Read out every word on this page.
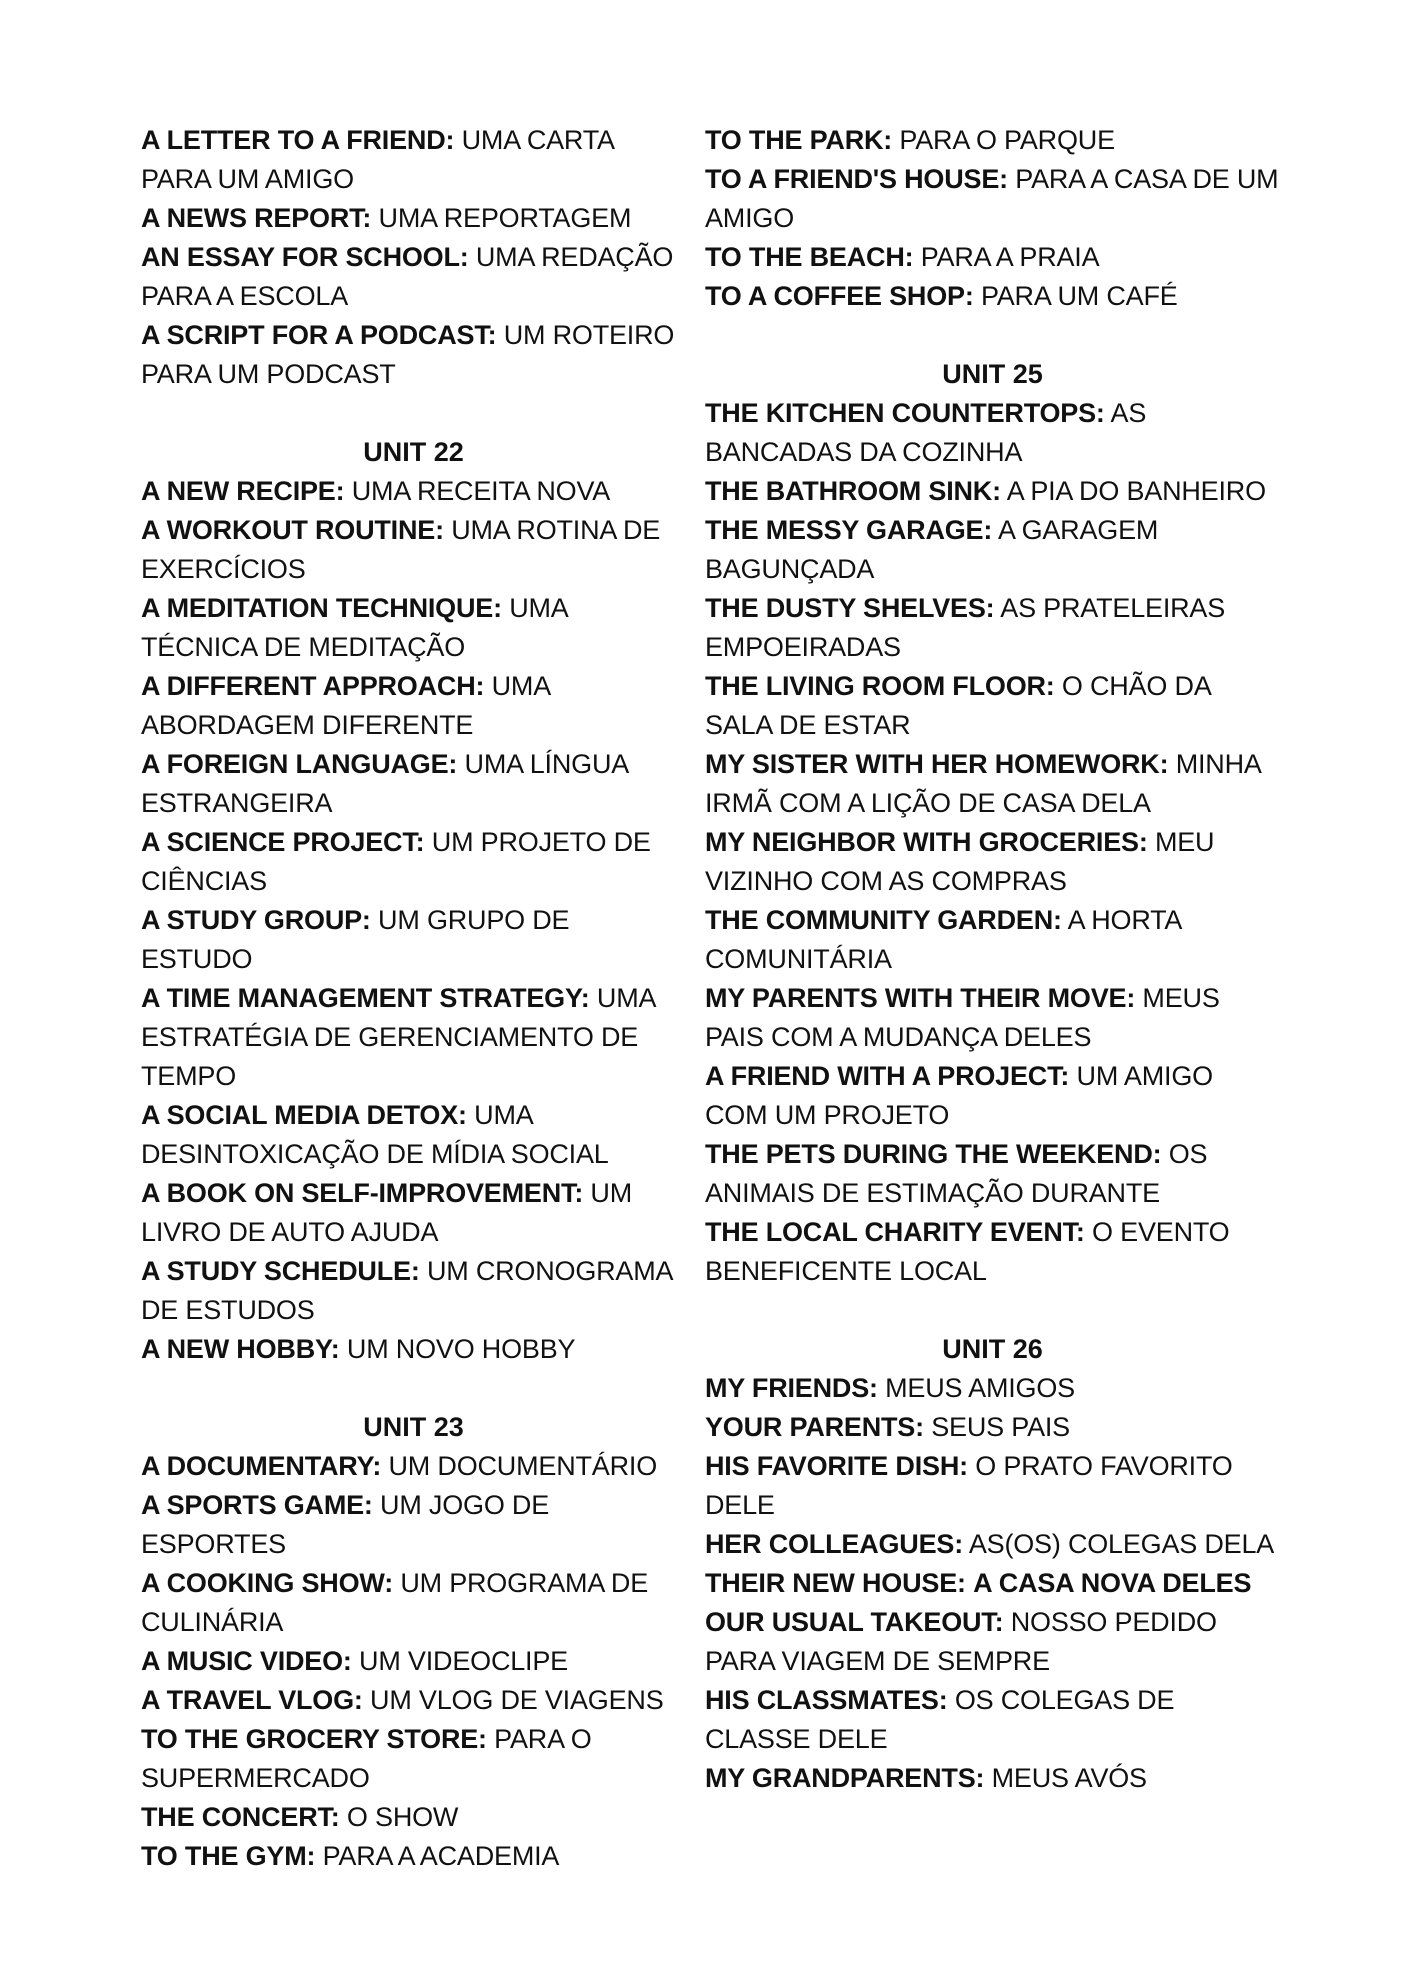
A LETTER TO A FRIEND: UMA CARTA PARA UM AMIGO
A NEWS REPORT: UMA REPORTAGEM
AN ESSAY FOR SCHOOL: UMA REDAÇÃO PARA A ESCOLA
A SCRIPT FOR A PODCAST: UM ROTEIRO PARA UM PODCAST
UNIT 22
A NEW RECIPE: UMA RECEITA NOVA
A WORKOUT ROUTINE: UMA ROTINA DE EXERCÍCIOS
A MEDITATION TECHNIQUE: UMA TÉCNICA DE MEDITAÇÃO
A DIFFERENT APPROACH: UMA ABORDAGEM DIFERENTE
A FOREIGN LANGUAGE: UMA LÍNGUA ESTRANGEIRA
A SCIENCE PROJECT: UM PROJETO DE CIÊNCIAS
A STUDY GROUP: UM GRUPO DE ESTUDO
A TIME MANAGEMENT STRATEGY: UMA ESTRATÉGIA DE GERENCIAMENTO DE TEMPO
A SOCIAL MEDIA DETOX: UMA DESINTOXICAÇÃO DE MÍDIA SOCIAL
A BOOK ON SELF-IMPROVEMENT: UM LIVRO DE AUTO AJUDA
A STUDY SCHEDULE: UM CRONOGRAMA DE ESTUDOS
A NEW HOBBY: UM NOVO HOBBY
UNIT 23
A DOCUMENTARY: UM DOCUMENTÁRIO
A SPORTS GAME: UM JOGO DE ESPORTES
A COOKING SHOW: UM PROGRAMA DE CULINÁRIA
A MUSIC VIDEO: UM VIDEOCLIPE
A TRAVEL VLOG: UM VLOG DE VIAGENS
TO THE GROCERY STORE: PARA O SUPERMERCADO
THE CONCERT: O SHOW
TO THE GYM: PARA A ACADEMIA
TO THE PARK: PARA O PARQUE
TO A FRIEND'S HOUSE: PARA A CASA DE UM AMIGO
TO THE BEACH: PARA A PRAIA
TO A COFFEE SHOP: PARA UM CAFÉ
UNIT 25
THE KITCHEN COUNTERTOPS: AS BANCADAS DA COZINHA
THE BATHROOM SINK: A PIA DO BANHEIRO
THE MESSY GARAGE: A GARAGEM BAGUNÇADA
THE DUSTY SHELVES: AS PRATELEIRAS EMPOEIRADAS
THE LIVING ROOM FLOOR: O CHÃO DA SALA DE ESTAR
MY SISTER WITH HER HOMEWORK: MINHA IRMÃ COM A LIÇÃO DE CASA DELA
MY NEIGHBOR WITH GROCERIES: MEU VIZINHO COM AS COMPRAS
THE COMMUNITY GARDEN: A HORTA COMUNITÁRIA
MY PARENTS WITH THEIR MOVE: MEUS PAIS COM A MUDANÇA DELES
A FRIEND WITH A PROJECT: UM AMIGO COM UM PROJETO
THE PETS DURING THE WEEKEND: OS ANIMAIS DE ESTIMAÇÃO DURANTE
THE LOCAL CHARITY EVENT: O EVENTO BENEFICENTE LOCAL
UNIT 26
MY FRIENDS: MEUS AMIGOS
YOUR PARENTS: SEUS PAIS
HIS FAVORITE DISH: O PRATO FAVORITO DELE
HER COLLEAGUES: AS(OS) COLEGAS DELA
THEIR NEW HOUSE: A CASA NOVA DELES
OUR USUAL TAKEOUT: NOSSO PEDIDO PARA VIAGEM DE SEMPRE
HIS CLASSMATES: OS COLEGAS DE CLASSE DELE
MY GRANDPARENTS: MEUS AVÓS
